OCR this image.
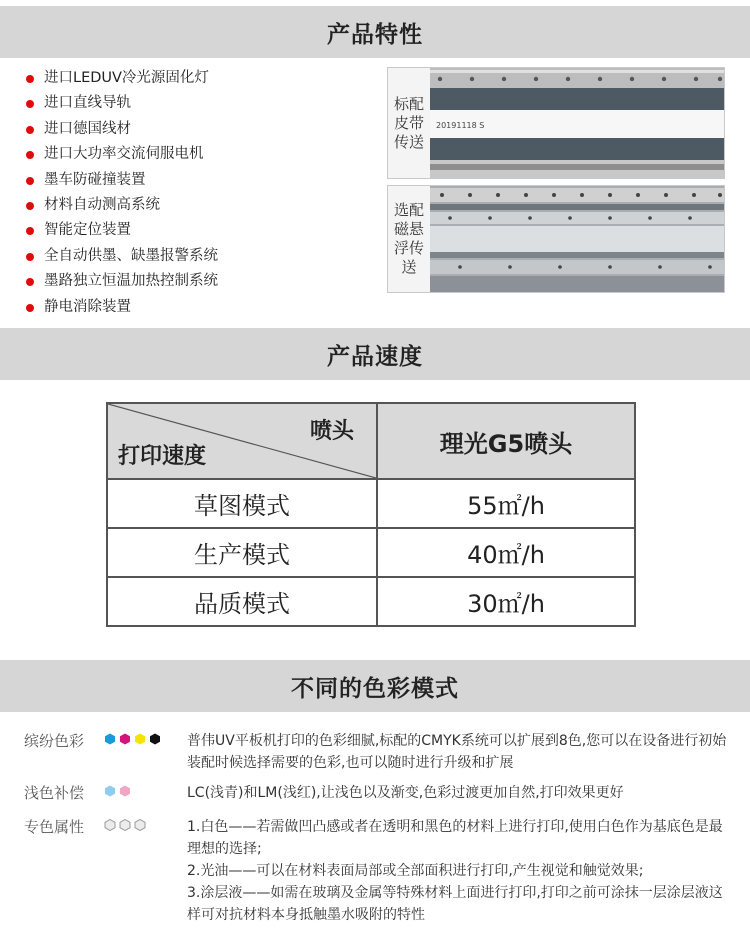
产品特性
进口LEDUV冷光源固化灯
进口直线导轨
进口德国线材
进口大功率交流伺服电机
墨车防碰撞装置
材料自动测高系统
智能定位装置
全自动供墨、缺墨报警系统
墨路独立恒温加热控制系统
静电消除装置
标配
皮带
传送
20191118 S
选配
磁悬
浮传
送
产品速度
喷头
打印速度	理光G5喷头
草图模式	55㎡/h
生产模式	40㎡/h
品质模式	30㎡/h
不同的色彩模式
缤纷色彩	普伟UV平板机打印的色彩细腻,标配的CMYK系统可以扩展到8色,您可以在设备进行初始装配时候选择需要的色彩,也可以随时进行升级和扩展
浅色补偿	LC(浅青)和LM(浅红),让浅色以及渐变,色彩过渡更加自然,打印效果更好
专色属性	1.白色——若需做凹凸感或者在透明和黑色的材料上进行打印,使用白色作为基底色是最理想的选择;
2.光油——可以在材料表面局部或全部面积进行打印,产生视觉和触觉效果;
3.涂层液——如需在玻璃及金属等特殊材料上面进行打印,打印之前可涂抹一层涂层液这样可对抗材料本身抵触墨水吸附的特性
